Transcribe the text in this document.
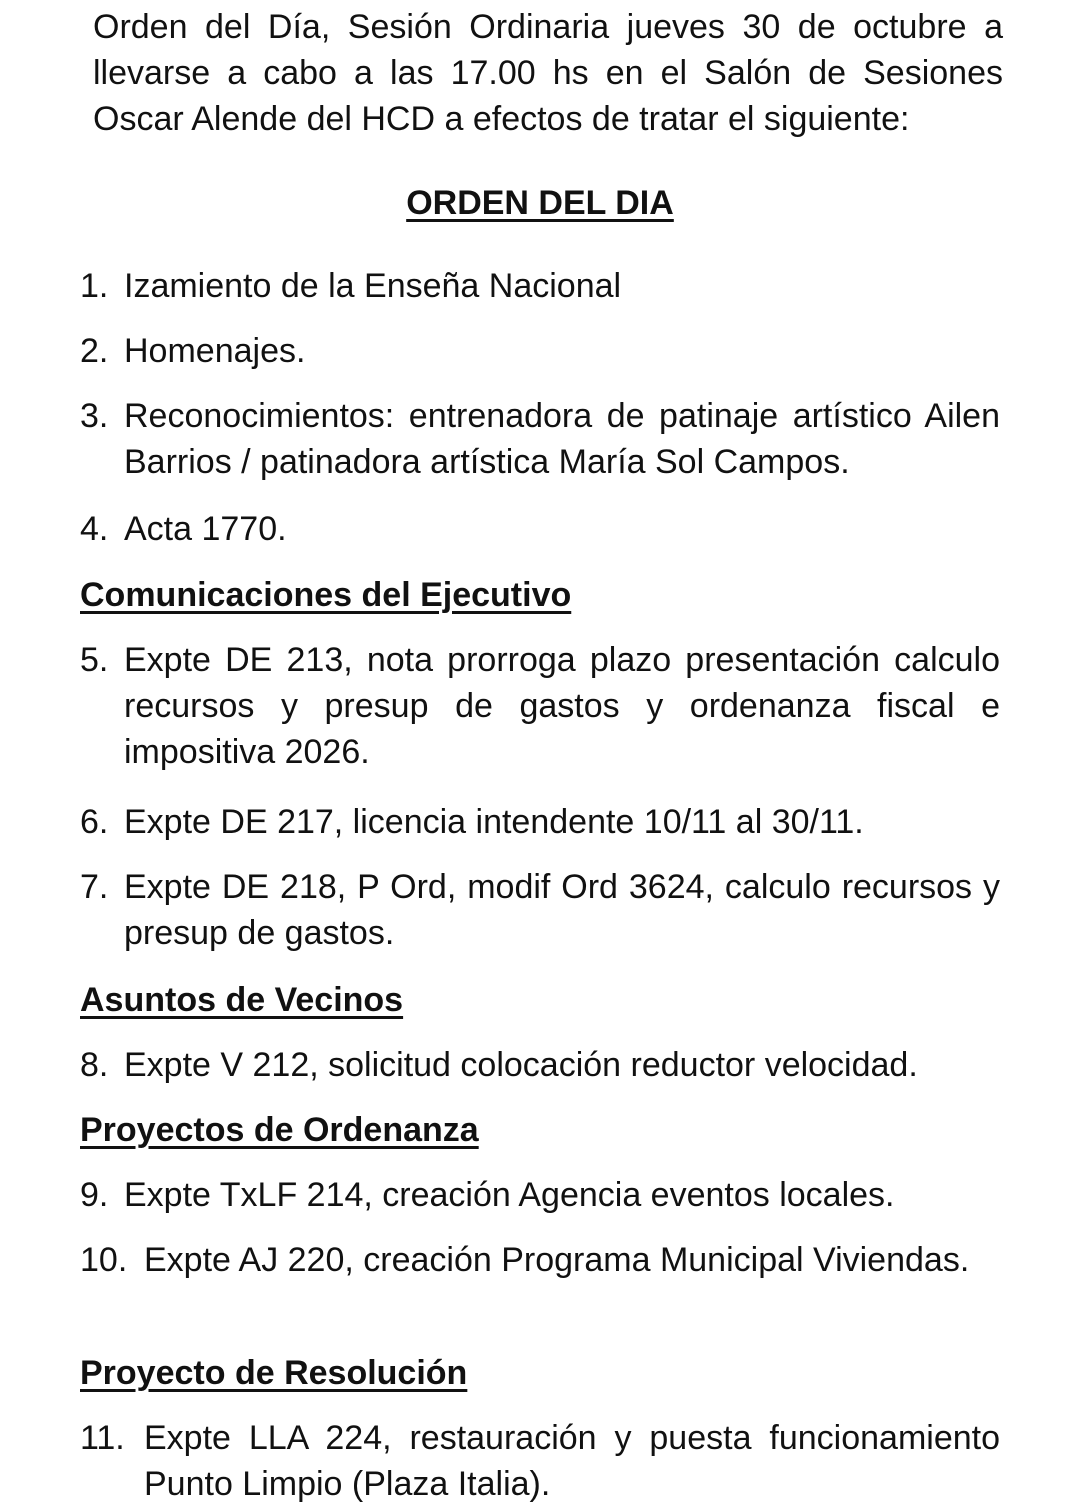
Orden del Día, Sesión Ordinaria jueves 30 de octubre a llevarse a cabo a las 17.00 hs en el Salón de Sesiones Oscar Alende del HCD a efectos de tratar el siguiente:
ORDEN DEL DIA
1. Izamiento de la Enseña Nacional
2. Homenajes.
3. Reconocimientos: entrenadora de patinaje artístico Ailen Barrios / patinadora artística María Sol Campos.
4. Acta 1770.
Comunicaciones del Ejecutivo
5. Expte DE 213, nota prorroga plazo presentación calculo recursos y presup de gastos y ordenanza fiscal e impositiva 2026.
6. Expte DE 217, licencia intendente 10/11 al 30/11.
7. Expte DE 218, P Ord, modif Ord 3624, calculo recursos y presup de gastos.
Asuntos de Vecinos
8. Expte V 212, solicitud colocación reductor velocidad.
Proyectos de Ordenanza
9. Expte TxLF 214, creación Agencia eventos locales.
10. Expte AJ 220, creación Programa Municipal Viviendas.
Proyecto de Resolución
11. Expte LLA 224, restauración y puesta funcionamiento Punto Limpio (Plaza Italia).
